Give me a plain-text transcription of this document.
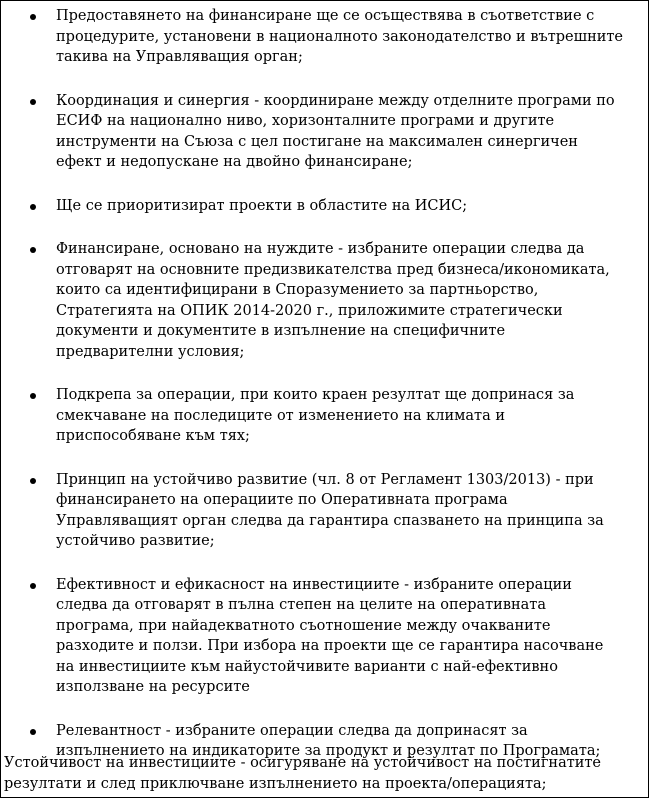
Предоставянето на финансиране ще се осъществява в съответствие с процедурите, установени в националното законодателство и вътрешните такива на Управляващия орган;
Координация и синергия - координиране между отделните програми по ЕСИФ на национално ниво, хоризонталните програми и другите инструменти на Съюза с цел постигане на максимален синергичен ефект и недопускане на двойно финансиране;
Ще се приоритизират проекти в областите на ИСИС;
Финансиране, основано на нуждите - избраните операции следва да отговарят на основните предизвикателства пред бизнеса/икономиката, които са идентифицирани в Споразумението за партньорство, Стратегията на ОПИК 2014-2020 г., приложимите стратегически документи и документите в изпълнение на специфичните предварителни условия;
Подкрепа за операции, при които краен резултат ще допринася за смекчаване на последиците от изменението на климата и приспособяване към тях;
Принцип на устойчиво развитие (чл. 8 от Регламент 1303/2013) - при финансирането на операциите по Оперативната програма Управляващият орган следва да гарантира спазването на принципа за устойчиво развитие;
Ефективност и ефикасност на инвестициите - избраните операции следва да отговарят в пълна степен на целите на оперативната програма, при найадекватното съотношение между очакваните разходите и ползи. При избора на проекти ще се гарантира насочване на инвестициите към найустойчивите варианти с най-ефективно използване на ресурсите
Релевантност - избраните операции следва да допринасят за изпълнението на индикаторите за продукт и резултат по Програмата;

Устойчивост на инвестициите - осигуряване на устойчивост на постигнатите резултати и след приключване изпълнението на проекта/операцията;
